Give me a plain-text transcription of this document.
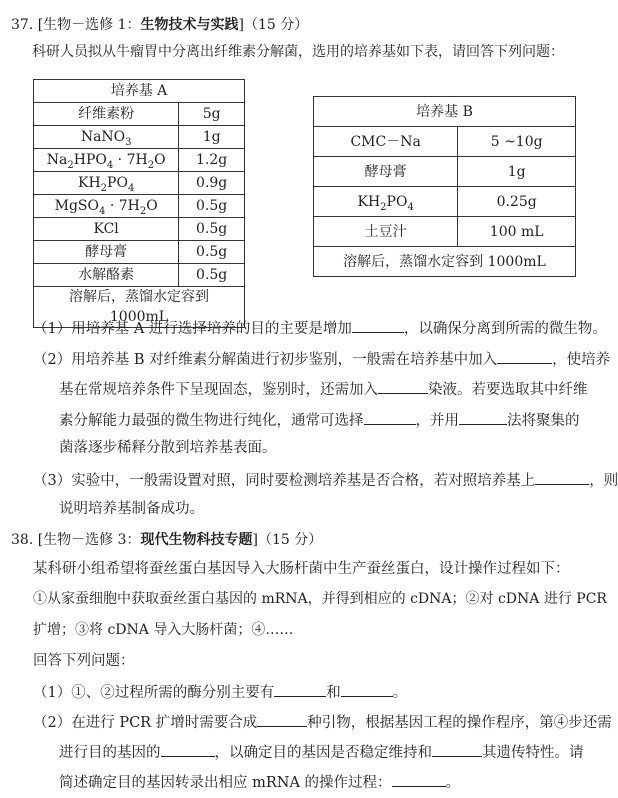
37. [生物－选修 1：生物技术与实践]（15 分）
科研人员拟从牛瘤胃中分离出纤维素分解菌，选用的培养基如下表，请回答下列问题：
培养基 A	
纤维素粉	5g
NaNO$_3$	1g
$Na_2HPO_4 \cdot 7H_2O$	1.2g
$KH_2PO_4$	0.9g
MgSO$_4$ · $7H_2O$	0.5g
KCl	0.5g
酵母膏	0.5g
水解酪素	0.5g
溶解后，蒸馏水定容到 1000mL	
培养基 B	
CMC－Na	5 ~10g
酵母膏	1g
$KH_2PO_4$	0.25g
土豆汁	100 mL
溶解后，蒸馏水定容到 1000mL	
（1）用培养基 A 进行选择培养的目的主要是增加	，以确保分离到所需的微生物。
（2）用培养基 B 对纤维素分解菌进行初步鉴别，一般需在培养基中加入	，使培养
基在常规培养条件下呈现固态，鉴别时，还需加入	染液。若要选取其中纤维
素分解能力最强的微生物进行纯化，通常可选择	，并用	法将聚集的
菌落逐步稀释分散到培养基表面。
（3）实验中，一般需设置对照，同时要检测培养基是否合格，若对照培养基上	，则
说明培养基制备成功。
38. [生物－选修 3：现代生物科技专题]（15 分）
某科研小组希望将蚕丝蛋白基因导入大肠杆菌中生产蚕丝蛋白，设计操作过程如下：
①从家蚕细胞中获取蚕丝蛋白基因的 mRNA，并得到相应的 cDNA；②对 cDNA 进行 PCR
扩增；③将 cDNA 导入大肠杆菌；④……
回答下列问题：
（1）①、②过程所需的酶分别主要有	和	。
（2）在进行 PCR 扩增时需要合成	种引物，根据基因工程的操作程序，第④步还需
进行目的基因的	，以确定目的基因是否稳定维持和	其遗传特性。请
简述确定目的基因转录出相应 mRNA 的操作过程：	。
